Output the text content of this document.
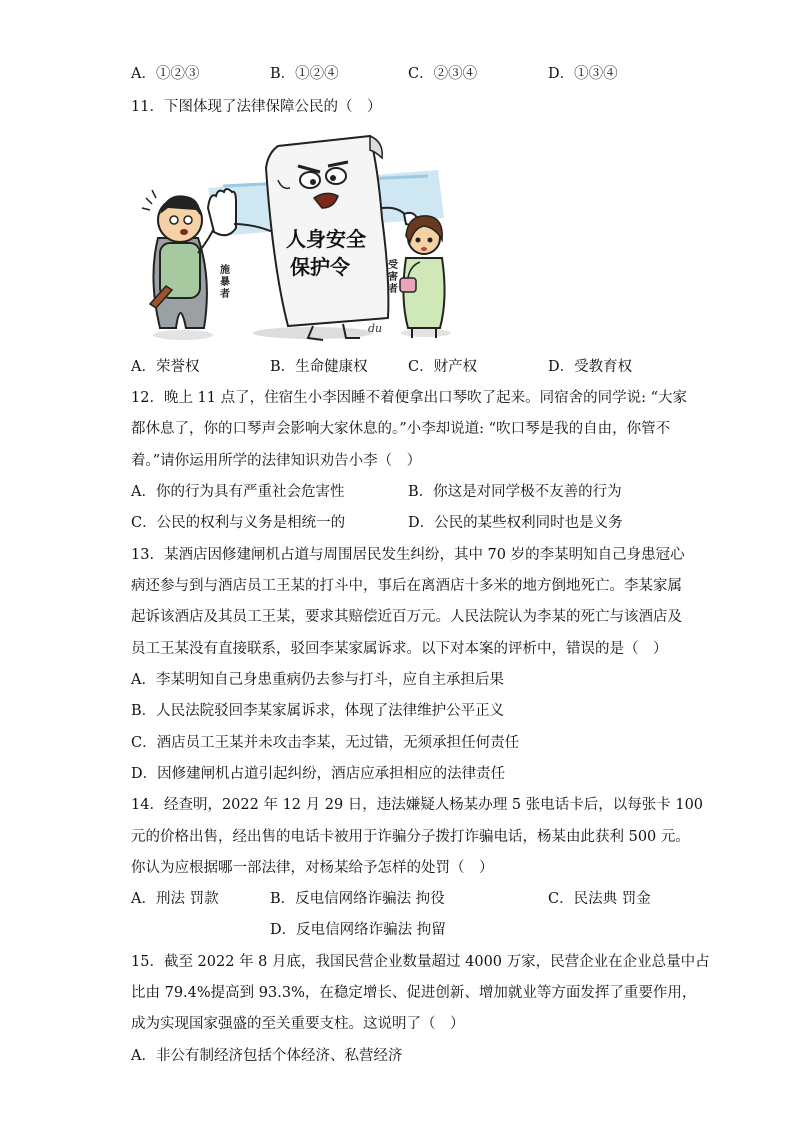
A．①②③	B．①②④	C．②③④	D．①③④
11．下图体现了法律保障公民的（　）
施
暴
者
人身安全
保护令
du
受
害
者
A．荣誉权	B．生命健康权	C．财产权	D．受教育权
12．晚上 11 点了，住宿生小李因睡不着便拿出口琴吹了起来。同宿舍的同学说: “大家
都休息了，你的口琴声会影响大家休息的。”小李却说道: “吹口琴是我的自由，你管不
着。”请你运用所学的法律知识劝告小李（　）
A．你的行为具有严重社会危害性	B．你这是对同学极不友善的行为
C．公民的权利与义务是相统一的	D．公民的某些权利同时也是义务
13．某酒店因修建闸机占道与周围居民发生纠纷，其中 70 岁的李某明知自己身患冠心
病还参与到与酒店员工王某的打斗中，事后在离酒店十多米的地方倒地死亡。李某家属
起诉该酒店及其员工王某，要求其赔偿近百万元。人民法院认为李某的死亡与该酒店及
员工王某没有直接联系，驳回李某家属诉求。以下对本案的评析中，错误的是（　）
A．李某明知自己身患重病仍去参与打斗，应自主承担后果
B．人民法院驳回李某家属诉求，体现了法律维护公平正义
C．酒店员工王某并未攻击李某，无过错，无须承担任何责任
D．因修建闸机占道引起纠纷，酒店应承担相应的法律责任
14．经查明，2022 年 12 月 29 日，违法嫌疑人杨某办理 5 张电话卡后，以每张卡 100
元的价格出售，经出售的电话卡被用于诈骗分子拨打诈骗电话，杨某由此获利 500 元。
你认为应根据哪一部法律，对杨某给予怎样的处罚（　）
A．刑法 罚款	B．反电信网络诈骗法 拘役	C．民法典 罚金
D．反电信网络诈骗法 拘留
15．截至 2022 年 8 月底，我国民营企业数量超过 4000 万家，民营企业在企业总量中占
比由 79.4%提高到 93.3%，在稳定增长、促进创新、增加就业等方面发挥了重要作用，
成为实现国家强盛的至关重要支柱。这说明了（　）
A．非公有制经济包括个体经济、私营经济
